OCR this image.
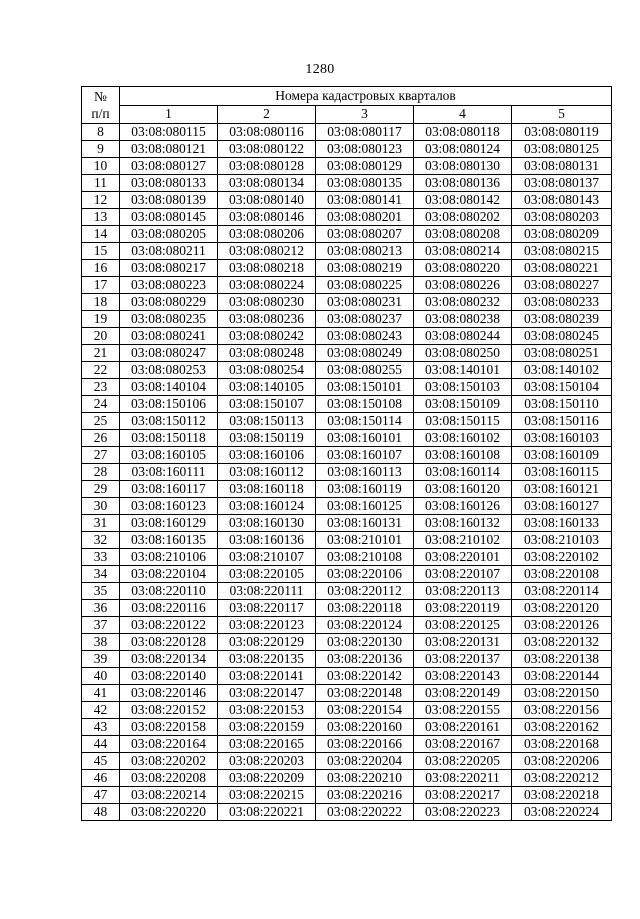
1280
№
п/п	Номера кадастровых кварталов				
	1	2	3	4	5
8	03:08:080115	03:08:080116	03:08:080117	03:08:080118	03:08:080119
9	03:08:080121	03:08:080122	03:08:080123	03:08:080124	03:08:080125
10	03:08:080127	03:08:080128	03:08:080129	03:08:080130	03:08:080131
11	03:08:080133	03:08:080134	03:08:080135	03:08:080136	03:08:080137
12	03:08:080139	03:08:080140	03:08:080141	03:08:080142	03:08:080143
13	03:08:080145	03:08:080146	03:08:080201	03:08:080202	03:08:080203
14	03:08:080205	03:08:080206	03:08:080207	03:08:080208	03:08:080209
15	03:08:080211	03:08:080212	03:08:080213	03:08:080214	03:08:080215
16	03:08:080217	03:08:080218	03:08:080219	03:08:080220	03:08:080221
17	03:08:080223	03:08:080224	03:08:080225	03:08:080226	03:08:080227
18	03:08:080229	03:08:080230	03:08:080231	03:08:080232	03:08:080233
19	03:08:080235	03:08:080236	03:08:080237	03:08:080238	03:08:080239
20	03:08:080241	03:08:080242	03:08:080243	03:08:080244	03:08:080245
21	03:08:080247	03:08:080248	03:08:080249	03:08:080250	03:08:080251
22	03:08:080253	03:08:080254	03:08:080255	03:08:140101	03:08:140102
23	03:08:140104	03:08:140105	03:08:150101	03:08:150103	03:08:150104
24	03:08:150106	03:08:150107	03:08:150108	03:08:150109	03:08:150110
25	03:08:150112	03:08:150113	03:08:150114	03:08:150115	03:08:150116
26	03:08:150118	03:08:150119	03:08:160101	03:08:160102	03:08:160103
27	03:08:160105	03:08:160106	03:08:160107	03:08:160108	03:08:160109
28	03:08:160111	03:08:160112	03:08:160113	03:08:160114	03:08:160115
29	03:08:160117	03:08:160118	03:08:160119	03:08:160120	03:08:160121
30	03:08:160123	03:08:160124	03:08:160125	03:08:160126	03:08:160127
31	03:08:160129	03:08:160130	03:08:160131	03:08:160132	03:08:160133
32	03:08:160135	03:08:160136	03:08:210101	03:08:210102	03:08:210103
33	03:08:210106	03:08:210107	03:08:210108	03:08:220101	03:08:220102
34	03:08:220104	03:08:220105	03:08:220106	03:08:220107	03:08:220108
35	03:08:220110	03:08:220111	03:08:220112	03:08:220113	03:08:220114
36	03:08:220116	03:08:220117	03:08:220118	03:08:220119	03:08:220120
37	03:08:220122	03:08:220123	03:08:220124	03:08:220125	03:08:220126
38	03:08:220128	03:08:220129	03:08:220130	03:08:220131	03:08:220132
39	03:08:220134	03:08:220135	03:08:220136	03:08:220137	03:08:220138
40	03:08:220140	03:08:220141	03:08:220142	03:08:220143	03:08:220144
41	03:08:220146	03:08:220147	03:08:220148	03:08:220149	03:08:220150
42	03:08:220152	03:08:220153	03:08:220154	03:08:220155	03:08:220156
43	03:08:220158	03:08:220159	03:08:220160	03:08:220161	03:08:220162
44	03:08:220164	03:08:220165	03:08:220166	03:08:220167	03:08:220168
45	03:08:220202	03:08:220203	03:08:220204	03:08:220205	03:08:220206
46	03:08:220208	03:08:220209	03:08:220210	03:08:220211	03:08:220212
47	03:08:220214	03:08:220215	03:08:220216	03:08:220217	03:08:220218
48	03:08:220220	03:08:220221	03:08:220222	03:08:220223	03:08:220224
